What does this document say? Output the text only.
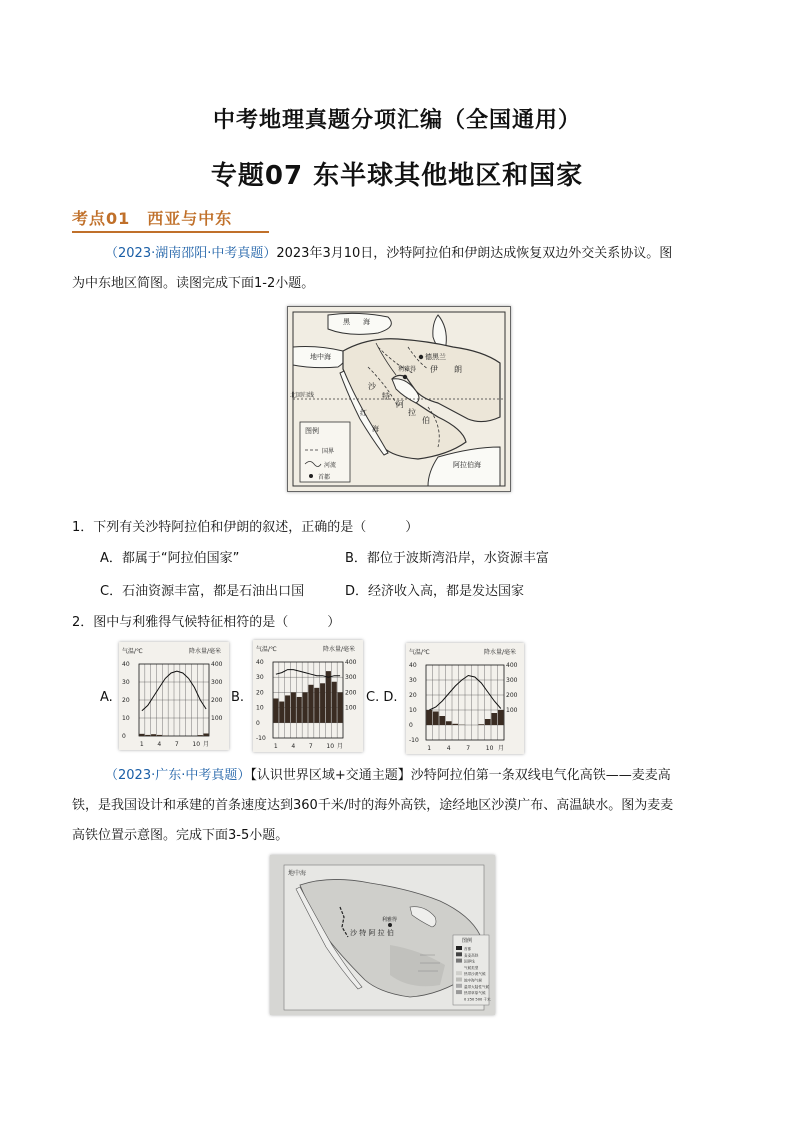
中考地理真题分项汇编（全国通用）
专题07 东半球其他地区和国家
考点01　西亚与中东
（2023·湖南邵阳·中考真题）2023年3月10日，沙特阿拉伯和伊朗达成恢复双边外交关系协议。图
为中东地区简图。读图完成下面1-2小题。
黑 海
地中海	德黑兰
伊 朗
利雅得
沙
特
阿
拉
伯
北回归线
红
海
阿拉伯海
图例
国界
河流
首都
1．下列有关沙特阿拉伯和伊朗的叙述，正确的是（　　　）
A．都属于“阿拉伯国家”	B．都位于波斯湾沿岸，水资源丰富
C．石油资源丰富，都是石油出口国	D．经济收入高，都是发达国家
2．图中与利雅得气候特征相符的是（　　　）
A.	B.	C. D.
气温/℃	降水量/毫米
40
30
20
10
0
400
300
200
100
1 4 7 10 月
气温/℃	降水量/毫米
40
30
20
10
0
-10
400
300
200
100
1 4 7 10 月
气温/℃	降水量/毫米
40
30
20
10
0
-10
400
300
200
100
1	4	7	10 月
（2023·广东·中考真题）【认识世界区域+交通主题】沙特阿拉伯第一条双线电气化高铁——麦麦高
铁，是我国设计和承建的首条速度达到360千米/时的海外高铁，途经地区沙漠广布、高温缺水。图为麦麦
高铁位置示意图。完成下面3-5小题。
首都
麦麦高铁
国界线
气候类型
热带沙漠气候
地中海气候
温带大陆性气候
热带草原气候
0 250 500 千米
地中海
沙 特 阿 拉 伯
利雅得
图例
